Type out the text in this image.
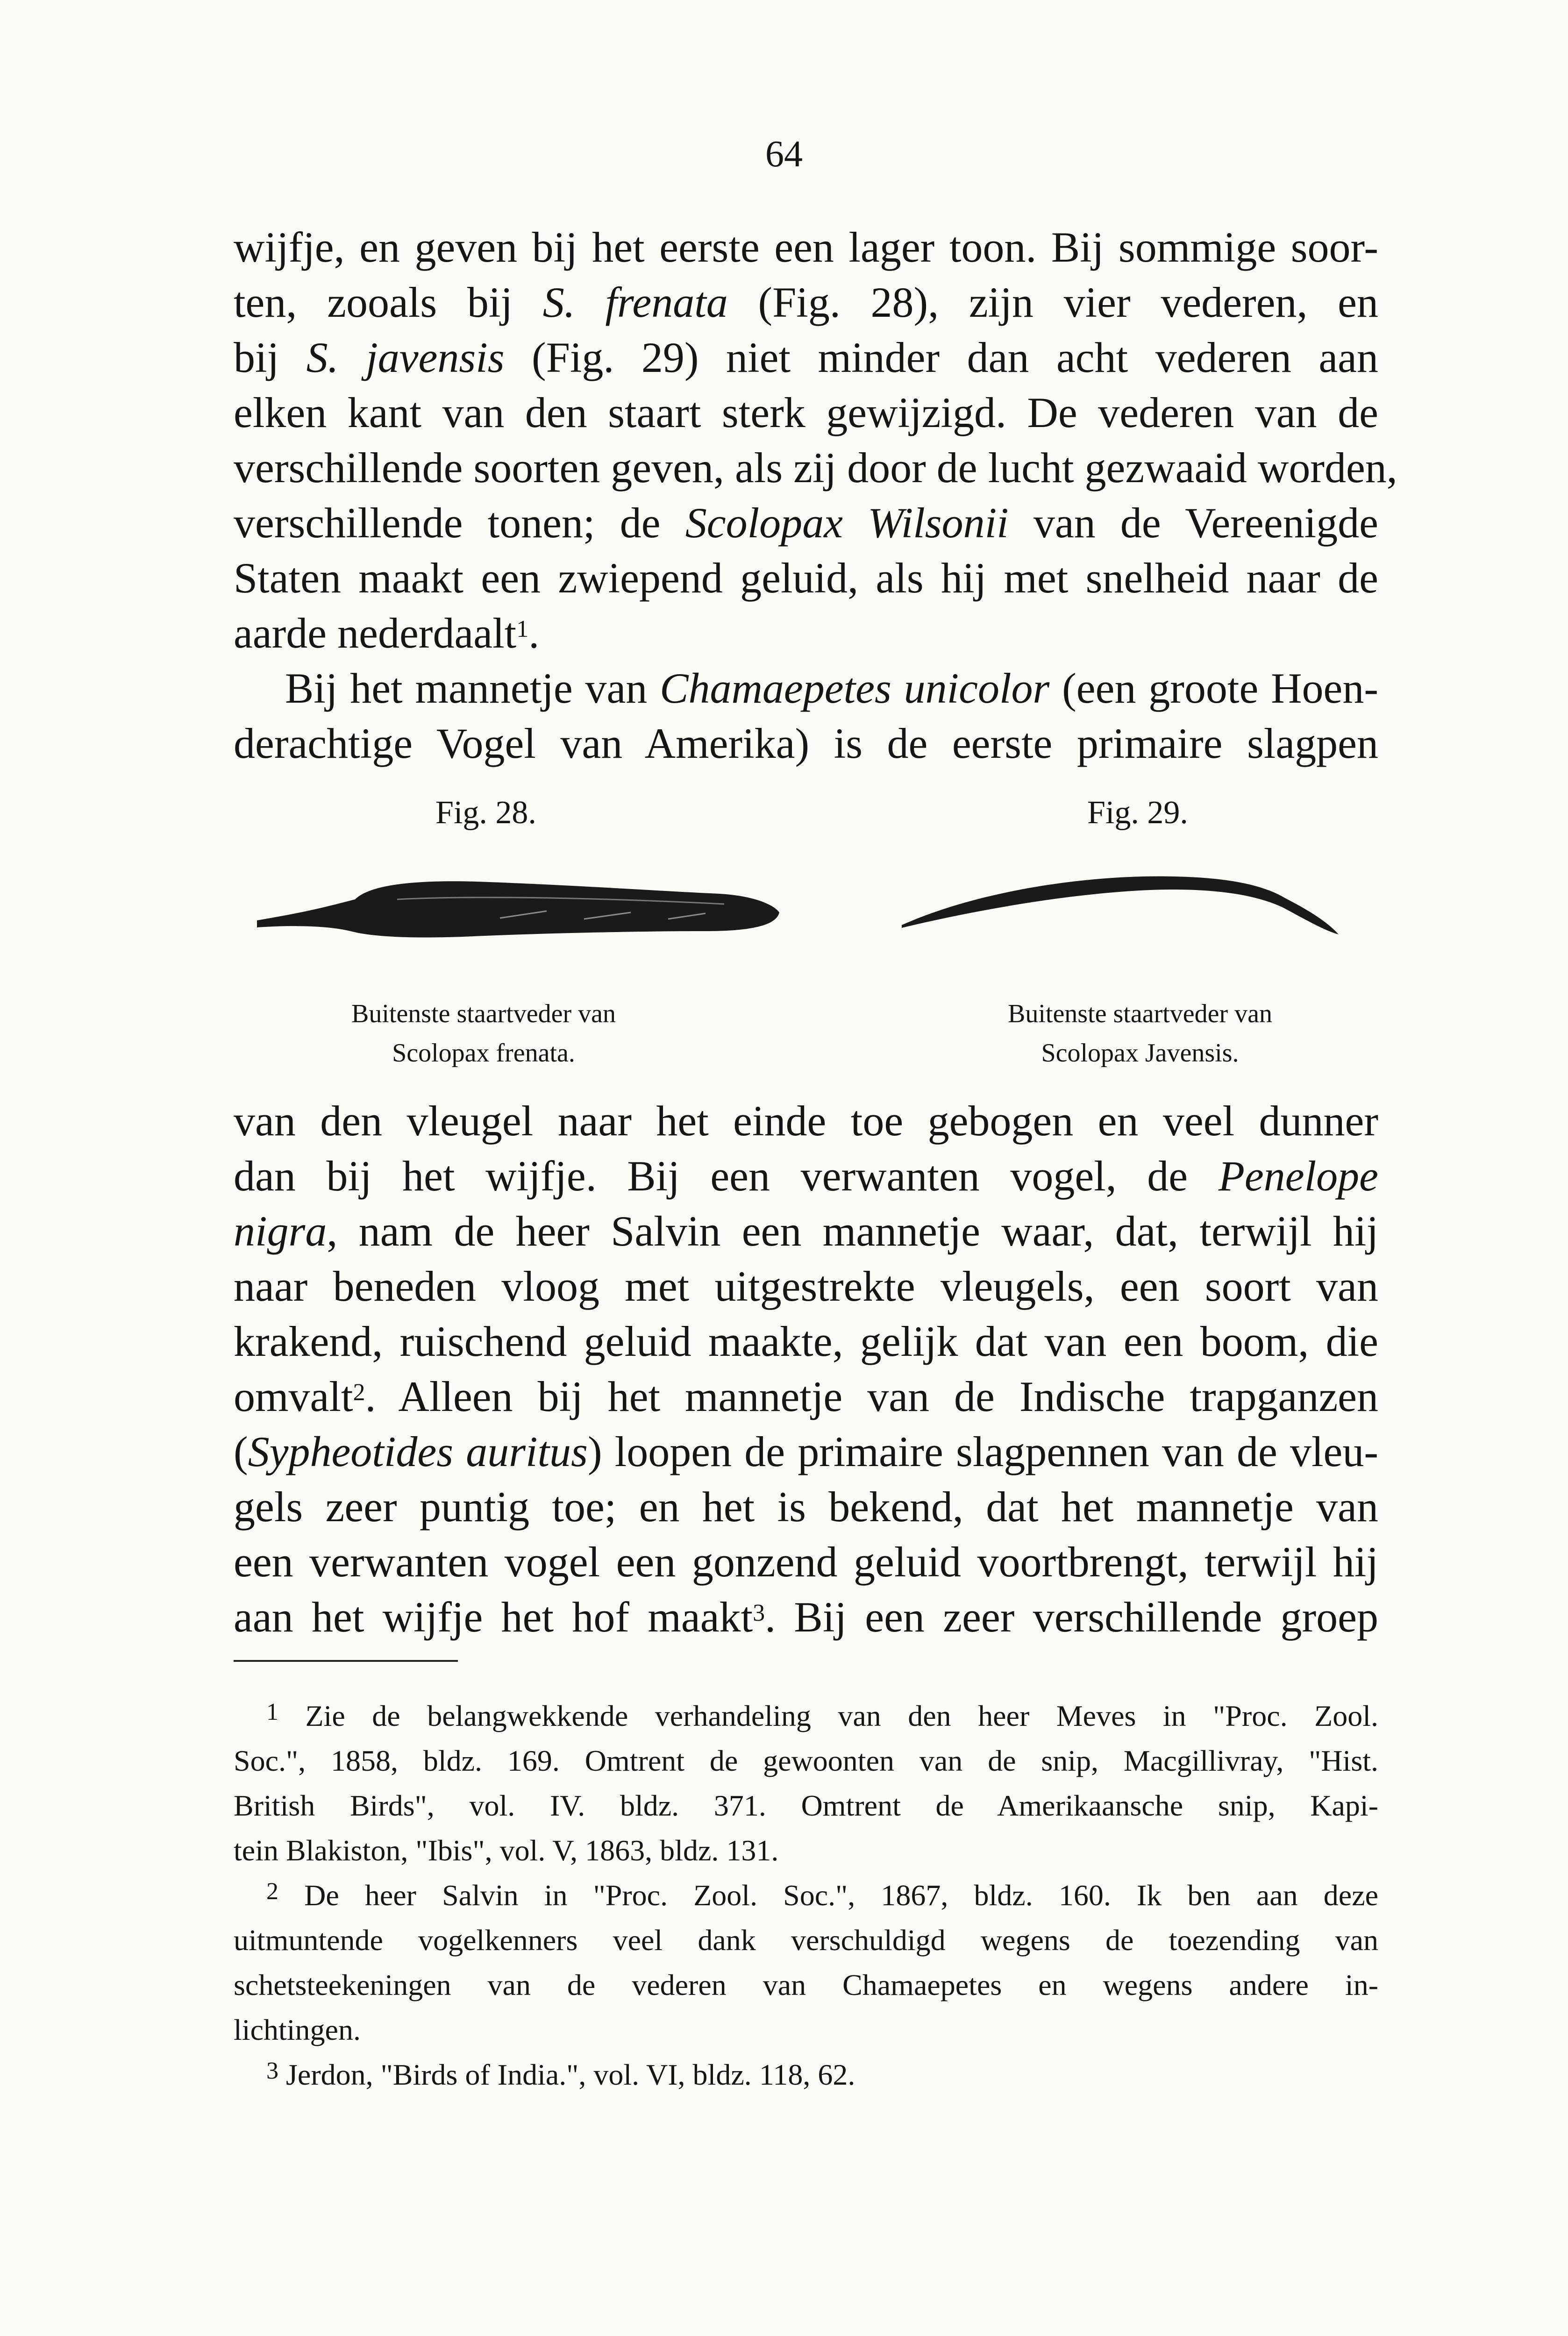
64
wijfje, en geven bij het eerste een lager toon. Bij sommige soor-
ten, zooals bij S. frenata (Fig. 28), zijn vier vederen, en
bij S. javensis (Fig. 29) niet minder dan acht vederen aan
elken kant van den staart sterk gewijzigd. De vederen van de
verschillende soorten geven, als zij door de lucht gezwaaid worden,
verschillende tonen; de Scolopax Wilsonii van de Vereenigde
Staten maakt een zwiepend geluid, als hij met snelheid naar de
aarde nederdaalt$^1$.
Bij het mannetje van Chamaepetes unicolor (een groote Hoen-
derachtige Vogel van Amerika) is de eerste primaire slagpen
Fig. 28.
Buitenste staartveder van
Scolopax frenata.
Fig. 29.
Buitenste staartveder van
Scolopax Javensis.
van den vleugel naar het einde toe gebogen en veel dunner
dan bij het wijfje. Bij een verwanten vogel, de Penelope
nigra, nam de heer Salvin een mannetje waar, dat, terwijl hij
naar beneden vloog met uitgestrekte vleugels, een soort van
krakend, ruischend geluid maakte, gelijk dat van een boom, die
omvalt$^2$. Alleen bij het mannetje van de Indische trapganzen
(Sypheotides auritus) loopen de primaire slagpennen van de vleu-
gels zeer puntig toe; en het is bekend, dat het mannetje van
een verwanten vogel een gonzend geluid voortbrengt, terwijl hij
aan het wijfje het hof maakt$^3$. Bij een zeer verschillende groep
$^1$ Zie de belangwekkende verhandeling van den heer Meves in "Proc. Zool.
Soc.", 1858, bldz. 169. Omtrent de gewoonten van de snip, Macgillivray, "Hist.
British Birds", vol. IV. bldz. 371. Omtrent de Amerikaansche snip, Kapi-
tein Blakiston, "Ibis", vol. V, 1863, bldz. 131.
$^2$ De heer Salvin in "Proc. Zool. Soc.", 1867, bldz. 160. Ik ben aan deze
uitmuntende vogelkenners veel dank verschuldigd wegens de toezending van
schetsteekeningen van de vederen van Chamaepetes en wegens andere in-
lichtingen.
$^3$ Jerdon, "Birds of India.", vol. VI, bldz. 118, 62.
